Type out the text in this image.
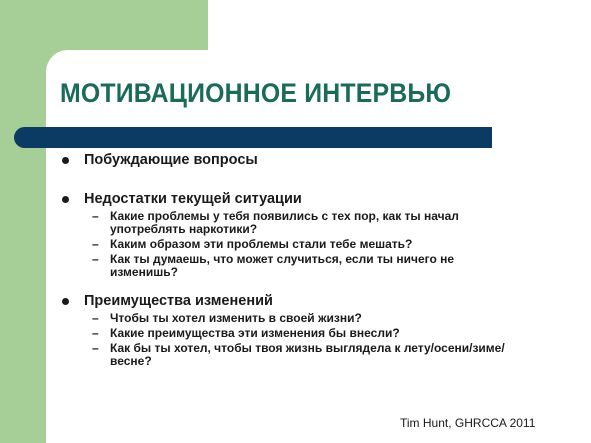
МОТИВАЦИОННОЕ ИНТЕРВЬЮ
Побуждающие вопросы
Недостатки текущей ситуации
– Какие проблемы у тебя появились с тех пор, как ты начал употреблять наркотики?
– Каким образом эти проблемы стали тебе мешать?
– Как ты думаешь, что может случиться, если ты ничего не изменишь?
Преимущества изменений
– Чтобы ты хотел изменить в своей жизни?
– Какие преимущества эти изменения бы внесли?
– Как бы ты хотел, чтобы твоя жизнь выглядела к лету/осени/зиме/весне?
Tim Hunt, GHRCCA 2011
